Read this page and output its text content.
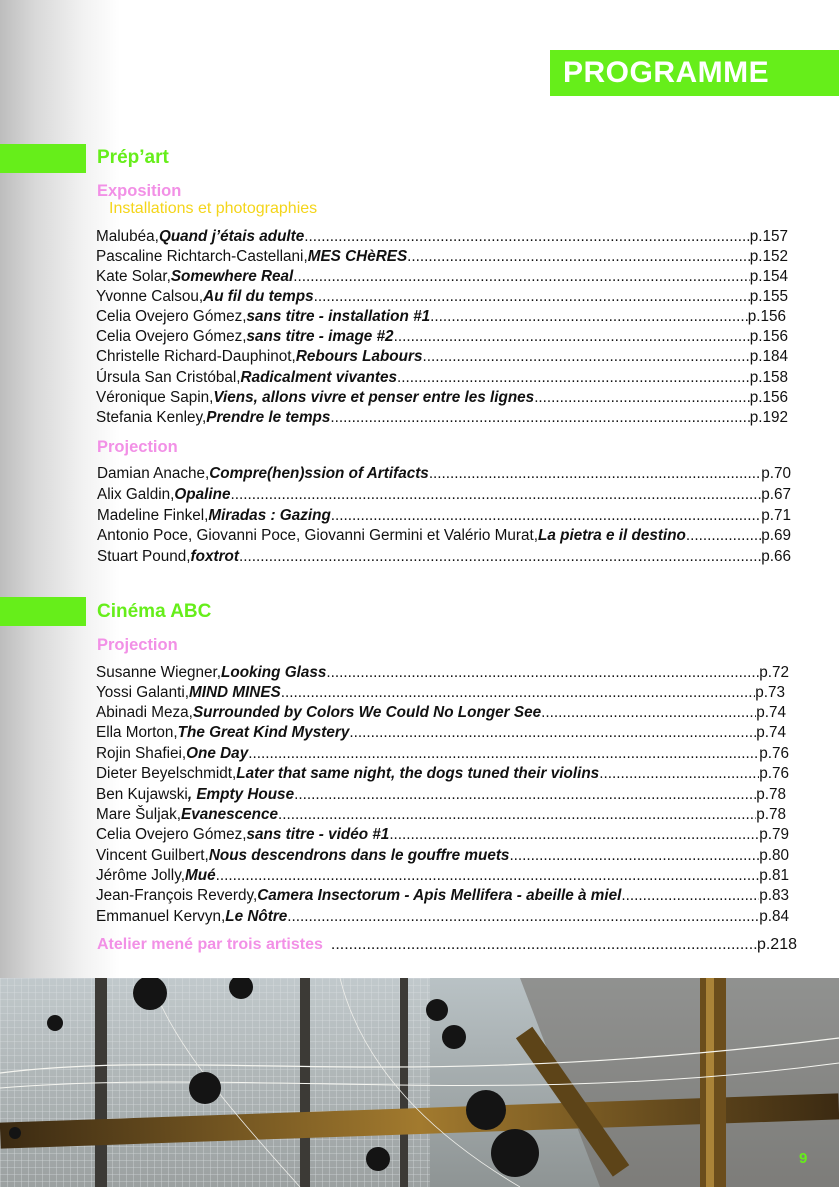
PROGRAMME
Prép’art
Exposition
Installations et photographies
Malubéa, Quand j’étais adulte .....	p.157
Pascaline Richtarch-Castellani, MES CHèRES .....	p.152
Kate Solar, Somewhere Real .....	p.154
Yvonne Calsou, Au fil du temps .....	p.155
Celia Ovejero Gómez, sans titre - installation #1 .....	p.156
Celia Ovejero Gómez, sans titre - image #2 .....	p.156
Christelle Richard-Dauphinot, Rebours Labours .....	p.184
Úrsula San Cristóbal, Radicalment vivantes .....	p.158
Véronique Sapin, Viens, allons vivre et penser entre les lignes .....	p.156
Stefania Kenley, Prendre le temps .....	p.192
Projection
Damian Anache, Compre(hen)ssion of Artifacts .....	p.70
Alix Galdin, Opaline .....	p.67
Madeline Finkel, Miradas : Gazing .....	p.71
Antonio Poce, Giovanni Poce, Giovanni Germini et Valério Murat, La pietra e il destino .....	p.69
Stuart Pound, foxtrot .....	p.66
Cinéma ABC
Projection
Susanne Wiegner, Looking Glass .....	p.72
Yossi Galanti, MIND MINES .....	p.73
Abinadi Meza, Surrounded by Colors We Could No Longer See .....	p.74
Ella Morton, The Great Kind Mystery .....	p.74
Rojin Shafiei, One Day .....	p.76
Dieter Beyelschmidt, Later that same night, the dogs tuned their violins .....	p.76
Ben Kujawski , Empty House .....	p.78
Mare Šuljak, Evanescence .....	p.78
Celia Ovejero Gómez, sans titre - vidéo #1 .....	p.79
Vincent Guilbert, Nous descendrons dans le gouffre muets .....	p.80
Jérôme Jolly, Mué .....	p.81
Jean-François Reverdy, Camera Insectorum - Apis Mellifera - abeille à miel .....	p.83
Emmanuel Kervyn, Le Nôtre .....	p.84
Atelier mené par trois artistes .....	p.218
9
